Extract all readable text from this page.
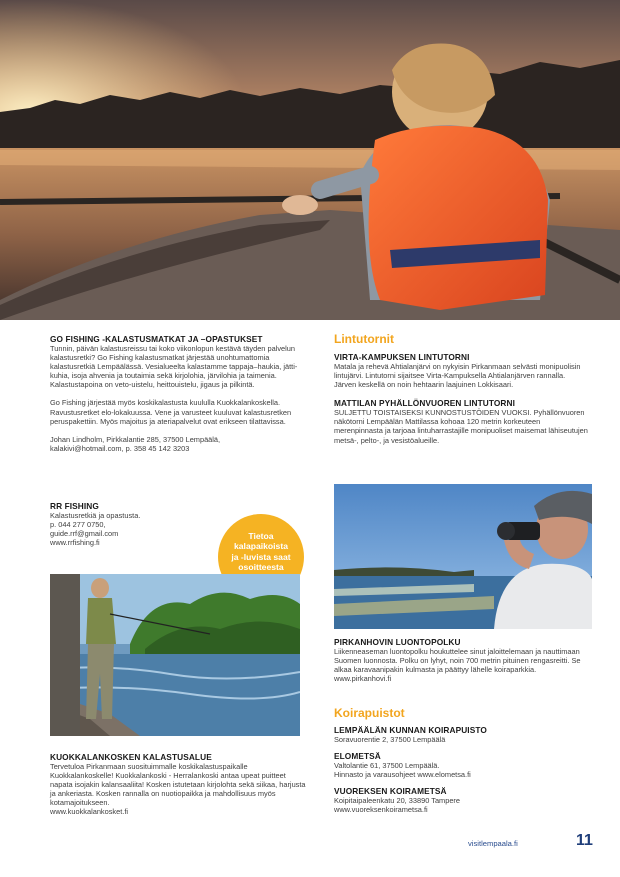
GO FISHING -KALASTUSMATKAT JA –OPASTUKSET

Tunnin, päivän kalastusreissu tai koko viikonlopun kestävä täyden palvelun kalastusretki? Go Fishing kalastusmatkat järjestää unohtumattomia kalastusretkiä Lempäälässä. Vesialueelta kalastamme tappaja–haukia, jätti-kuhia, isoja ahvenia ja toutaimia sekä kirjolohia, järvilohia ja taimenia. Kalastustapoina on veto-uistelu, heittouistelu, jigaus ja pilkintä.

Go Fishing järjestää myös koskikalastusta kuululla Kuokkalankoskella. Ravustusretket elo-lokakuussa. Vene ja varusteet kuuluvat kalastusretken peruspakettiin. Myös majoitus ja ateriapalvelut ovat erikseen tilattavissa.

Johan Lindholm, Pirkkalantie 285, 37500 Lempäälä,

kalakivi@hotmail.com, p. 358 45 142 3203

RR FISHING

Kalastusretkiä ja opastusta.

p. 044 277 0750,

guide.rrf@gmail.com

www.rrfishing.fi

Tietoa
kalapaikoista
ja -luvista saat
osoitteesta
KUOKKALANKOSKEN KALASTUSALUE

Tervetuloa Pirkanmaan suosituimmalle koskikalastuspaikalle Kuokkalankoskelle! Kuokkalankoski - Herralankoski antaa upeat puitteet napata isojakin kalansaaliita! Kosken istutetaan kirjolohta sekä siikaa, harjusta ja ankeriasta. Kosken rannalla on nuotiopaikka ja mahdollisuus myös kotamajoitukseen.

www.kuokkalankosket.fi

Lintutornit
VIRTA-KAMPUKSEN LINTUTORNI

Matala ja rehevä Ahtialanjärvi on nykyisin Pirkanmaan selvästi monipuolisin lintujärvi. Lintutorni sijaitsee Virta-Kampuksella Ahtialanjärven rannalla. Järven keskellä on noin hehtaarin laajuinen Lokkisaari.

MATTILAN PYHÄLLÖNVUOREN LINTUTORNI

SULJETTU TOISTAISEKSI KUNNOSTUSTÖIDEN VUOKSI. Pyhällönvuoren näkötorni Lempäälän Mattilassa kohoaa 120 metrin korkeuteen merenpinnasta ja tarjoaa lintuharrastajille monipuoliset maisemat lähiseutujen metsä-, pelto-, ja vesistöalueille.

PIRKANHOVIN LUONTOPOLKU

Liikenneaseman luontopolku houkuttelee sinut jaloittelemaan ja nauttimaan Suomen luonnosta. Polku on lyhyt, noin 700 metrin pituinen rengasreitti. Se alkaa karavaanipakin kulmasta ja päättyy lähelle koiraparkkia. www.pirkanhovi.fi

Koirapuistot
LEMPÄÄLÄN KUNNAN KOIRAPUISTO

Soravuorentie 2, 37500 Lempäälä

ELOMETSÄ

Valtolantie 61, 37500 Lempäälä.

Hinnasto ja varausohjeet www.elometsa.fi

VUOREKSEN KOIRAMETSÄ

Koipitaipaleenkatu 20, 33890 Tampere

www.vuoreksenkoirametsa.fi

visitlempaala.fi	11
